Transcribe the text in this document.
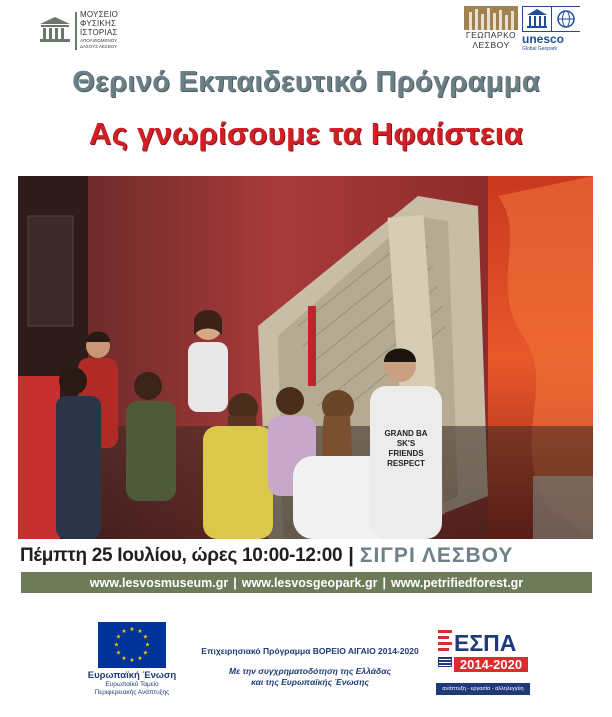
ΜΟΥΣΕΙΟ
ΦΥΣΙΚΗΣ
ΙΣΤΟΡΙΑΣ
ΑΠΟΛΙΘΩΜΕΝΟΥ
ΔΑΣΟΥΣ ΛΕΣΒΟΥ
ΓΕΩΠΑΡΚΟ
ΛΕΣΒΟΥ	unesco
Global Geopark
Θερινό Εκπαιδευτικό Πρόγραμμα
Ας γνωρίσουμε τα Ηφαίστεια
GRAND BA
SK'S
FRIENDS
RESPECT
Πέμπτη 25 Ιουλίου, ώρες 10:00-12:00 | ΣΙΓΡΙ ΛΕΣΒΟΥ
www.lesvosmuseum.gr | www.lesvosgeopark.gr | www.petrifiedforest.gr
★ ★
★
★
★
★
★
★
★
★
★
★
Ευρωπαϊκή Ένωση
Ευρωπαϊκό Ταμείο
Περιφερειακής Ανάπτυξης
Επιχειρησιακό Πρόγραμμα ΒΟΡΕΙΟ ΑΙΓΑΙΟ 2014-2020
Με την συγχρηματοδότηση της Ελλάδας
και της Ευρωπαϊκής Ένωσης
ΕΣΠΑ
2014-2020
ανάπτυξη - εργασία - αλληλεγγύη
